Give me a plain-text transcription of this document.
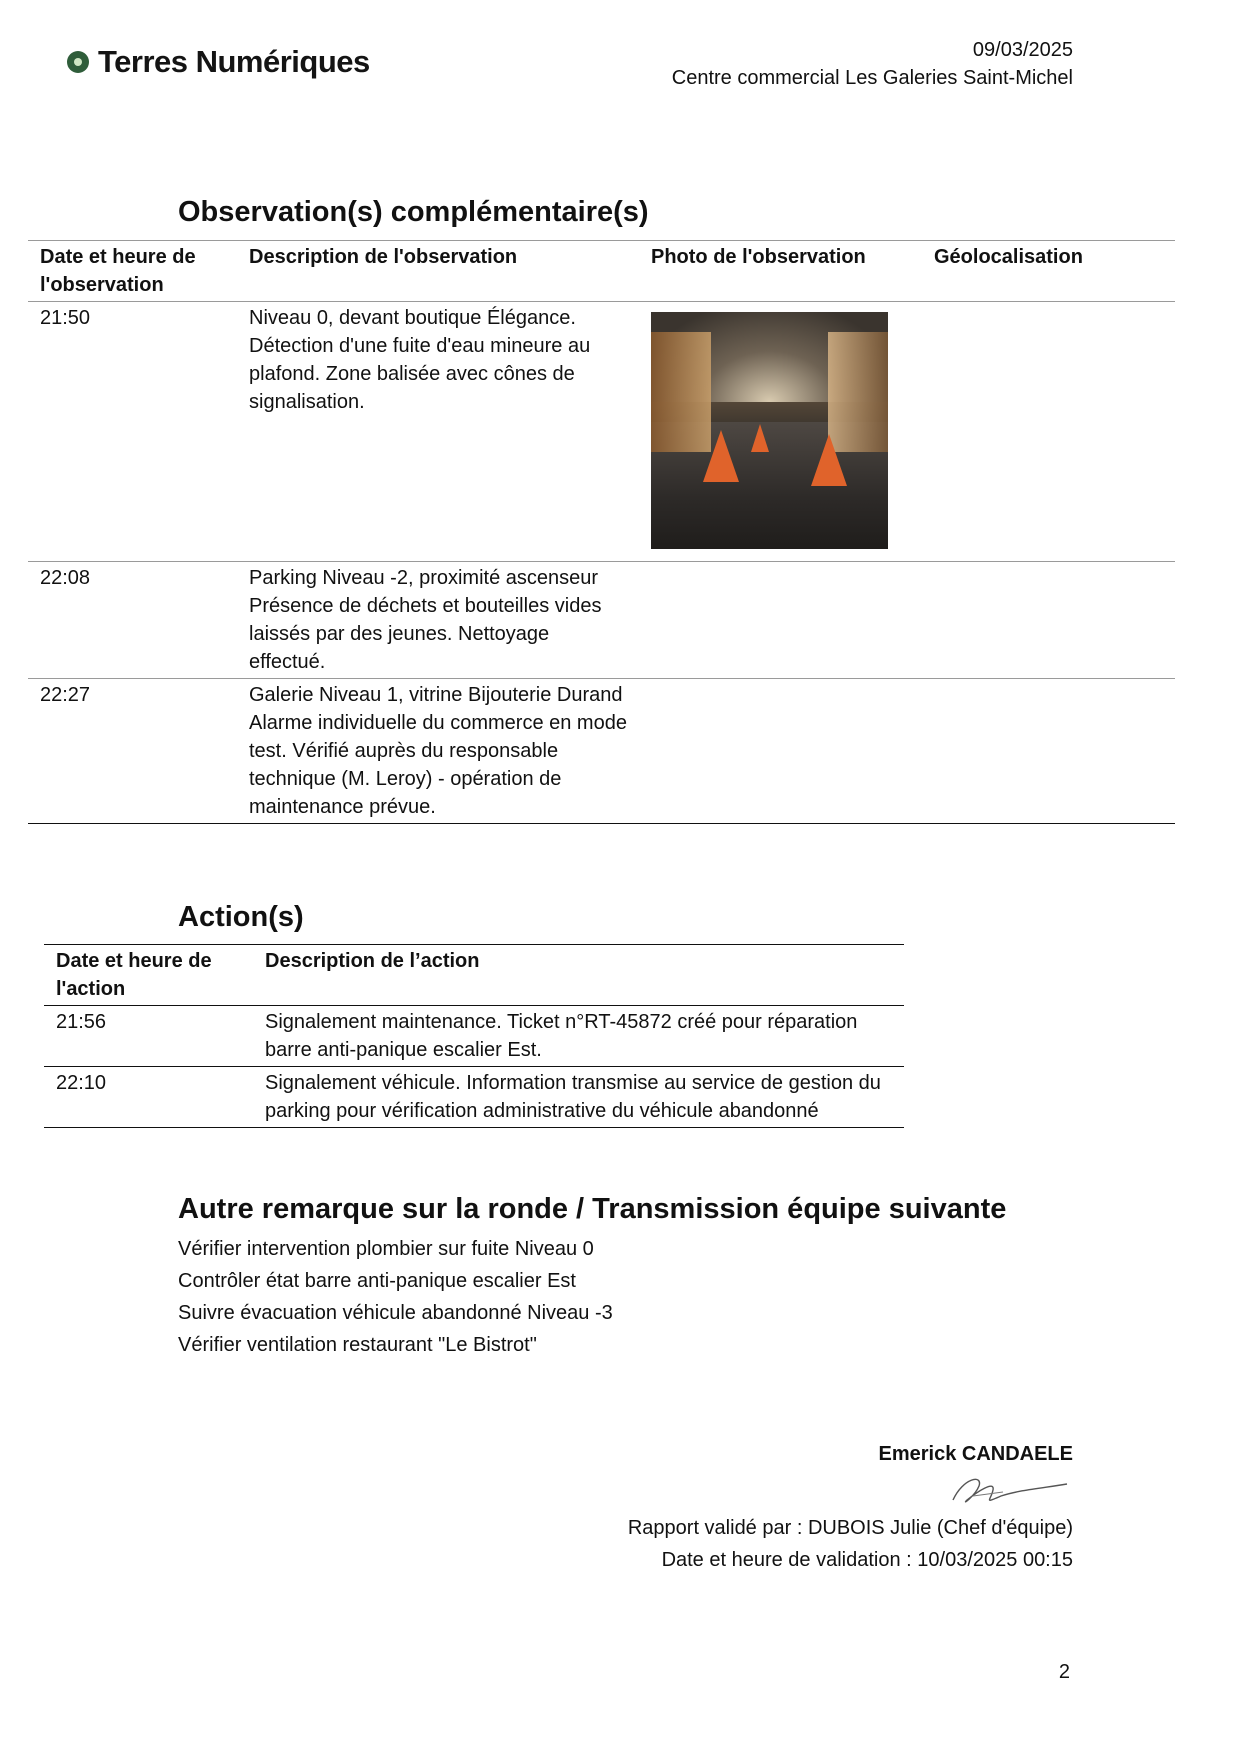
Terres Numériques	09/03/2025
Centre commercial Les Galeries Saint-Michel
Observation(s) complémentaire(s)
Date et heure de l'observation	Description de l'observation	Photo de l'observation	Géolocalisation
21:50	Niveau 0, devant boutique Élégance.
Détection d'une fuite d'eau mineure au plafond. Zone balisée avec cônes de signalisation.	

22:08	Parking Niveau -2, proximité ascenseur
Présence de déchets et bouteilles vides laissés par des jeunes. Nettoyage effectué.		
22:27	Galerie Niveau 1, vitrine Bijouterie Durand
Alarme individuelle du commerce en mode test. Vérifié auprès du responsable technique (M. Leroy) - opération de maintenance prévue.		
Action(s)
Date et heure de l'action	Description de l’action
21:56	Signalement maintenance. Ticket n°RT-45872 créé pour réparation barre anti-panique escalier Est.
22:10	Signalement véhicule. Information transmise au service de gestion du parking pour vérification administrative du véhicule abandonné
Autre remarque sur la ronde / Transmission équipe suivante
Vérifier intervention plombier sur fuite Niveau 0
Contrôler état barre anti-panique escalier Est
Suivre évacuation véhicule abandonné Niveau -3
Vérifier ventilation restaurant "Le Bistrot"
Emerick CANDAELE
Rapport validé par : DUBOIS Julie (Chef d'équipe)
Date et heure de validation : 10/03/2025 00:15
2
